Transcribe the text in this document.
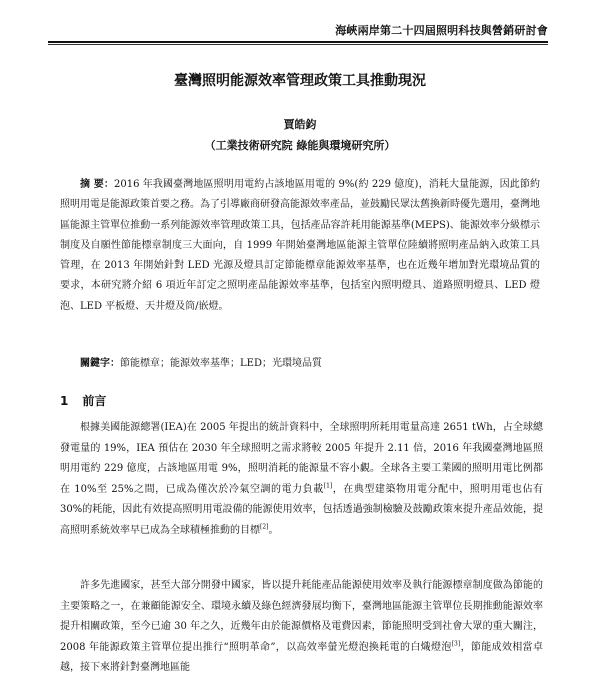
海峽兩岸第二十四屆照明科技與營銷研討會
臺灣照明能源效率管理政策工具推動現況
賈皓鈞
（工業技術研究院 綠能與環境研究所）
摘 要：2016 年我國臺灣地區照明用電約占該地區用電的 9%(約 229 億度)，消耗大量能源，因此節約照明用電是能源政策首要之務。為了引導廠商研發高能源效率產品，並鼓勵民眾汰舊換新時優先選用，臺灣地區能源主管單位推動一系列能源效率管理政策工具，包括產品容許耗用能源基準(MEPS)、能源效率分級標示制度及自願性節能標章制度三大面向，自 1999 年開始臺灣地區能源主管單位陸續將照明產品納入政策工具管理，在 2013 年開始針對 LED 光源及燈具訂定節能標章能源效率基準，也在近幾年增加對光環境品質的要求，本研究將介紹 6 項近年訂定之照明產品能源效率基準，包括室內照明燈具、道路照明燈具、LED 燈泡、LED 平板燈、天井燈及筒/嵌燈。
關鍵字：節能標章；能源效率基準；LED；光環境品質
1 前言
根據美國能源總署(IEA)在 2005 年提出的統計資料中，全球照明所耗用電量高達 2651 tWh，占全球總發電量的 19%，IEA 預估在 2030 年全球照明之需求將較 2005 年提升 2.11 倍，2016 年我國臺灣地區照明用電約 229 億度，占該地區用電 9%，照明消耗的能源量不容小覷。全球各主要工業國的照明用電比例都在 10%至 25%之間，已成為僅次於冷氣空調的電力負載[1]，在典型建築物用電分配中，照明用電也佔有 30%的耗能，因此有效提高照明用電設備的能源使用效率，包括透過強制檢驗及鼓勵政策來提升產品效能，提高照明系統效率早已成為全球積極推動的目標[2]。
許多先進國家，甚至大部分開發中國家，皆以提升耗能產品能源使用效率及執行能源標章制度做為節能的主要策略之一，在兼顧能源安全、環境永續及綠色經濟發展均衡下，臺灣地區能源主管單位長期推動能源效率提升相關政策，至今已逾 30 年之久，近幾年由於能源價格及電費因素，節能照明受到社會大眾的重大關注，2008 年能源政策主管單位提出推行“照明革命”，以高效率螢光燈泡換耗電的白熾燈泡[3]，節能成效相當卓越，接下來將針對臺灣地區能
